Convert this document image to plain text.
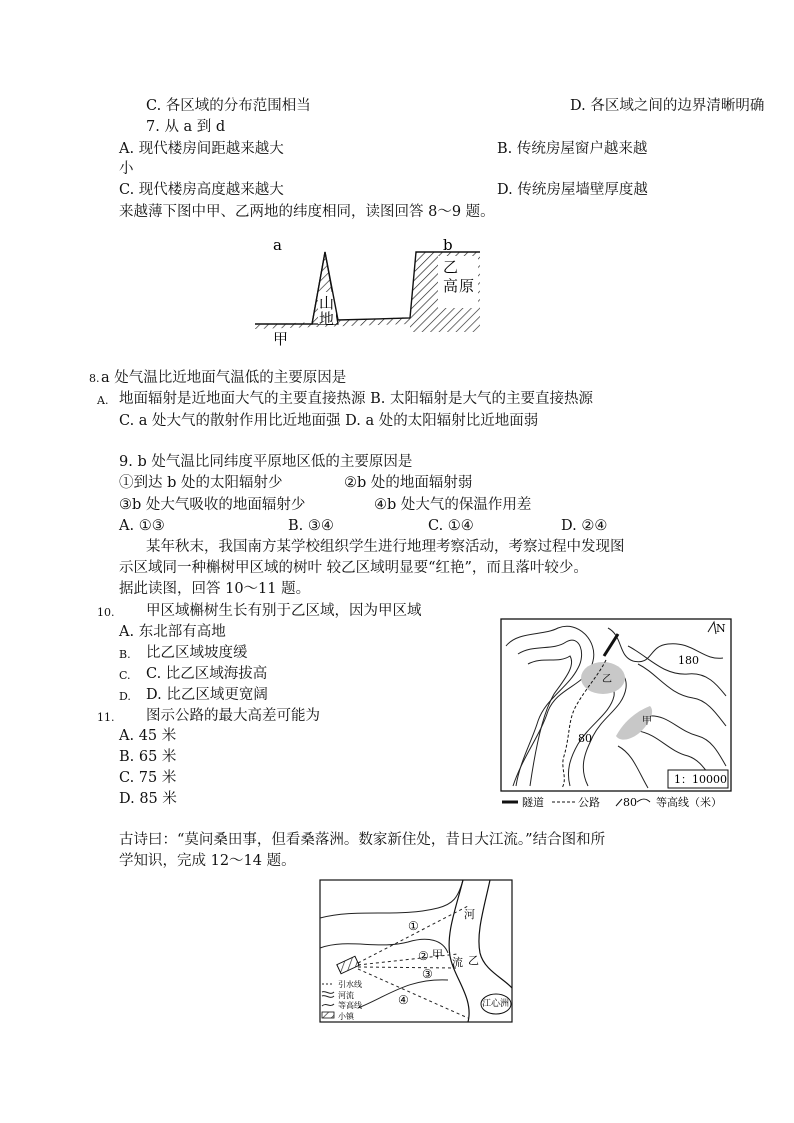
C. 各区域的分布范围相当	D. 各区域之间的边界清晰明确
7. 从 a 到 d
A. 现代楼房间距越来越大	B. 传统房屋窗户越来越
小
C. 现代楼房高度越来越大	D. 传统房屋墙壁厚度越
来越薄下图中甲、乙两地的纬度相同，读图回答 8～9 题。
a	b
乙
高 原
山
地
甲
8. a 处气温比近地面气温低的主要原因是
A. 地面辐射是近地面大气的主要直接热源 B. 太阳辐射是大气的主要直接热源
C. a 处大气的散射作用比近地面强 D. a 处的太阳辐射比近地面弱
9. b 处气温比同纬度平原地区低的主要原因是
①到达 b 处的太阳辐射少	②b 处的地面辐射弱
③b 处大气吸收的地面辐射少	④b 处大气的保温作用差
A. ①③	B. ③④	C. ①④	D. ②④
某年秋末，我国南方某学校组织学生进行地理考察活动，考察过程中发现图
示区域同一种槲树甲区域的树叶 较乙区域明显要“红艳”，而且落叶较少。
据此读图，回答 10～11 题。
10. 甲区域槲树生长有别于乙区域，因为甲区域
A. 东北部有高地
B. 比乙区域坡度缓
C. C. 比乙区域海拔高
D. D. 比乙区域更宽阔
11. 图示公路的最大高差可能为
A. 45 米
B. 65 米
C. 75 米
D. 85 米
N
180
80
乙
甲
1：10000
隧道	公路 80 等高线（米）
古诗曰：“莫问桑田事，但看桑落洲。数家新住处，昔日大江流。”结合图和所
学知识，完成 12～14 题。
①
②
③
④
甲 乙
河
流
江心洲
引水线
河流
等高线
小镇
